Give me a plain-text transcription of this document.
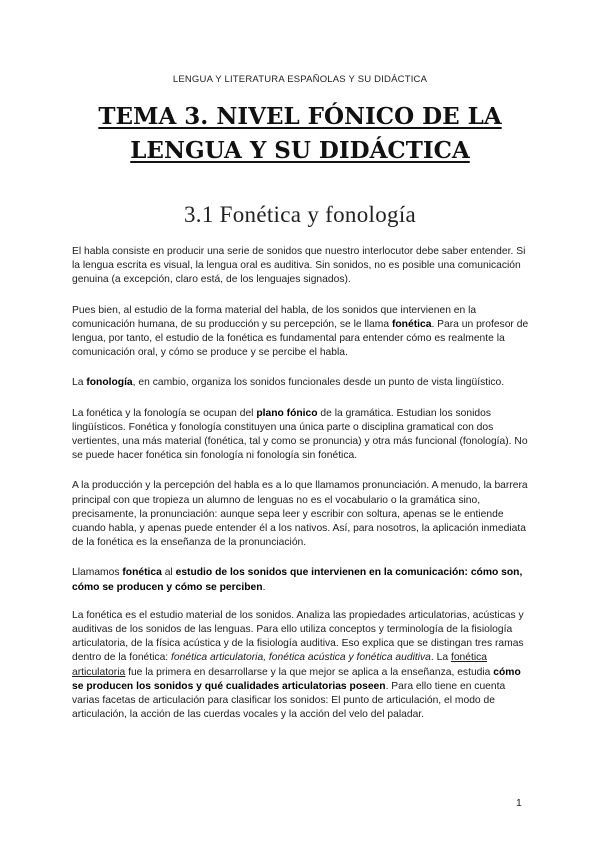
LENGUA Y LITERATURA ESPAÑOLAS Y SU DIDÁCTICA
TEMA 3. NIVEL FÓNICO DE LA
LENGUA Y SU DIDÁCTICA
3.1 Fonética y fonología

El habla consiste en producir una serie de sonidos que nuestro interlocutor debe saber entender. Si la lengua escrita es visual, la lengua oral es auditiva. Sin sonidos, no es posible una comunicación genuina (a excepción, claro está, de los lenguajes signados).

Pues bien, al estudio de la forma material del habla, de los sonidos que intervienen en la comunicación humana, de su producción y su percepción, se le llama fonética. Para un profesor de lengua, por tanto, el estudio de la fonética es fundamental para entender cómo es realmente la comunicación oral, y cómo se produce y se percibe el habla.

La fonología, en cambio, organiza los sonidos funcionales desde un punto de vista lingüístico.

La fonética y la fonología se ocupan del plano fónico de la gramática. Estudian los sonidos lingüísticos. Fonética y fonología constituyen una única parte o disciplina gramatical con dos vertientes, una más material (fonética, tal y como se pronuncia) y otra más funcional (fonología). No se puede hacer fonética sin fonología ni fonología sin fonética.

A la producción y la percepción del habla es a lo que llamamos pronunciación. A menudo, la barrera principal con que tropieza un alumno de lenguas no es el vocabulario o la gramática sino, precisamente, la pronunciación: aunque sepa leer y escribir con soltura, apenas se le entiende cuando habla, y apenas puede entender él a los nativos. Así, para nosotros, la aplicación inmediata de la fonética es la enseñanza de la pronunciación.

Llamamos fonética al estudio de los sonidos que intervienen en la comunicación: cómo son, cómo se producen y cómo se perciben.

La fonética es el estudio material de los sonidos. Analiza las propiedades articulatorias, acústicas y auditivas de los sonidos de las lenguas. Para ello utiliza conceptos y terminología de la fisiología articulatoria, de la física acústica y de la fisiología auditiva. Eso explica que se distingan tres ramas dentro de la fonética: fonética articulatoria, fonética acústica y fonética auditiva. La fonética articulatoria fue la primera en desarrollarse y la que mejor se aplica a la enseñanza, estudia cómo se producen los sonidos y qué cualidades articulatorias poseen. Para ello tiene en cuenta varias facetas de articulación para clasificar los sonidos: El punto de articulación, el modo de articulación, la acción de las cuerdas vocales y la acción del velo del paladar.

1
